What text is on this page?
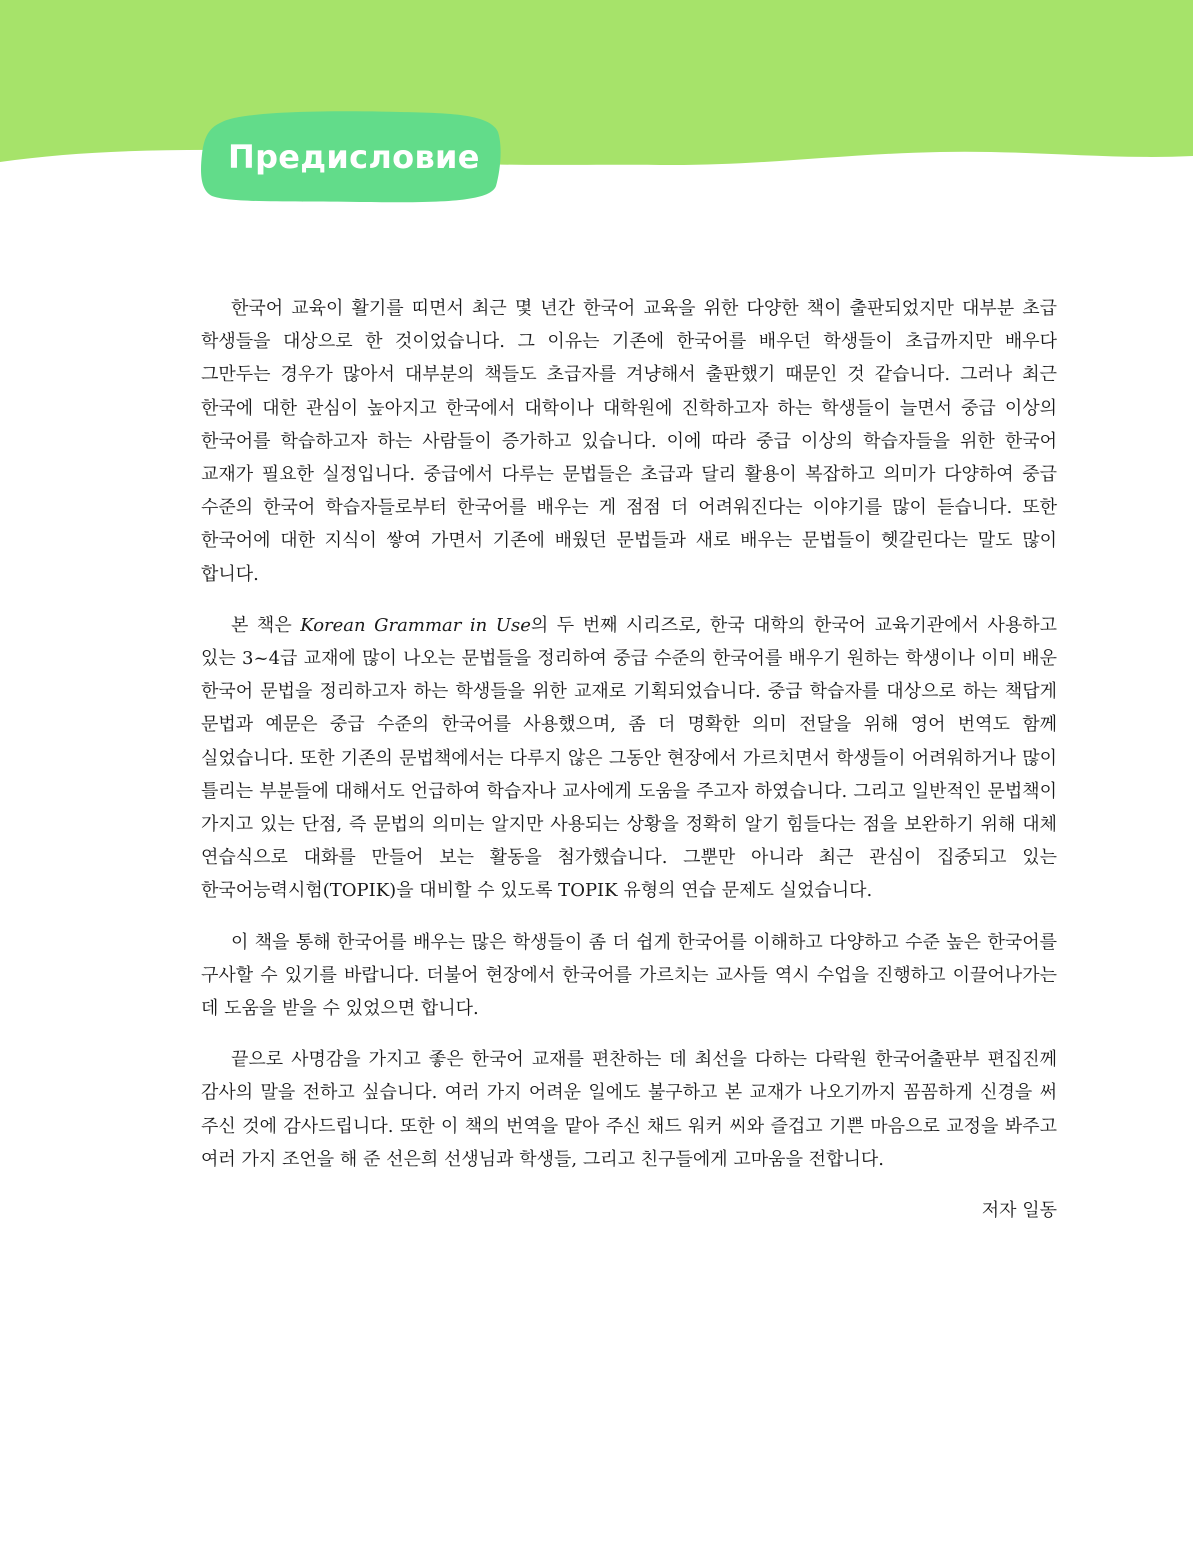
Предисловие

한국어 교육이 활기를 띠면서 최근 몇 년간 한국어 교육을 위한 다양한 책이 출판되었지만 대부분 초급 학생들을 대상으로 한 것이었습니다. 그 이유는 기존에 한국어를 배우던 학생들이 초급까지만 배우다 그만두는 경우가 많아서 대부분의 책들도 초급자를 겨냥해서 출판했기 때문인 것 같습니다. 그러나 최근 한국에 대한 관심이 높아지고 한국에서 대학이나 대학원에 진학하고자 하는 학생들이 늘면서 중급 이상의 한국어를 학습하고자 하는 사람들이 증가하고 있습니다. 이에 따라 중급 이상의 학습자들을 위한 한국어 교재가 필요한 실정입니다. 중급에서 다루는 문법들은 초급과 달리 활용이 복잡하고 의미가 다양하여 중급 수준의 한국어 학습자들로부터 한국어를 배우는 게 점점 더 어려워진다는 이야기를 많이 듣습니다. 또한 한국어에 대한 지식이 쌓여 가면서 기존에 배웠던 문법들과 새로 배우는 문법들이 헷갈린다는 말도 많이 합니다.

본 책은 Korean Grammar in Use의 두 번째 시리즈로, 한국 대학의 한국어 교육기관에서 사용하고 있는 3~4급 교재에 많이 나오는 문법들을 정리하여 중급 수준의 한국어를 배우기 원하는 학생이나 이미 배운 한국어 문법을 정리하고자 하는 학생들을 위한 교재로 기획되었습니다. 중급 학습자를 대상으로 하는 책답게 문법과 예문은 중급 수준의 한국어를 사용했으며, 좀 더 명확한 의미 전달을 위해 영어 번역도 함께 실었습니다. 또한 기존의 문법책에서는 다루지 않은 그동안 현장에서 가르치면서 학생들이 어려워하거나 많이 틀리는 부분들에 대해서도 언급하여 학습자나 교사에게 도움을 주고자 하였습니다. 그리고 일반적인 문법책이 가지고 있는 단점, 즉 문법의 의미는 알지만 사용되는 상황을 정확히 알기 힘들다는 점을 보완하기 위해 대체 연습식으로 대화를 만들어 보는 활동을 첨가했습니다. 그뿐만 아니라 최근 관심이 집중되고 있는 한국어능력시험(TOPIK)을 대비할 수 있도록 TOPIK 유형의 연습 문제도 실었습니다.

이 책을 통해 한국어를 배우는 많은 학생들이 좀 더 쉽게 한국어를 이해하고 다양하고 수준 높은 한국어를 구사할 수 있기를 바랍니다. 더불어 현장에서 한국어를 가르치는 교사들 역시 수업을 진행하고 이끌어나가는 데 도움을 받을 수 있었으면 합니다.

끝으로 사명감을 가지고 좋은 한국어 교재를 편찬하는 데 최선을 다하는 다락원 한국어출판부 편집진께 감사의 말을 전하고 싶습니다. 여러 가지 어려운 일에도 불구하고 본 교재가 나오기까지 꼼꼼하게 신경을 써 주신 것에 감사드립니다. 또한 이 책의 번역을 맡아 주신 채드 워커 씨와 즐겁고 기쁜 마음으로 교정을 봐주고 여러 가지 조언을 해 준 선은희 선생님과 학생들, 그리고 친구들에게 고마움을 전합니다.

저자 일동
